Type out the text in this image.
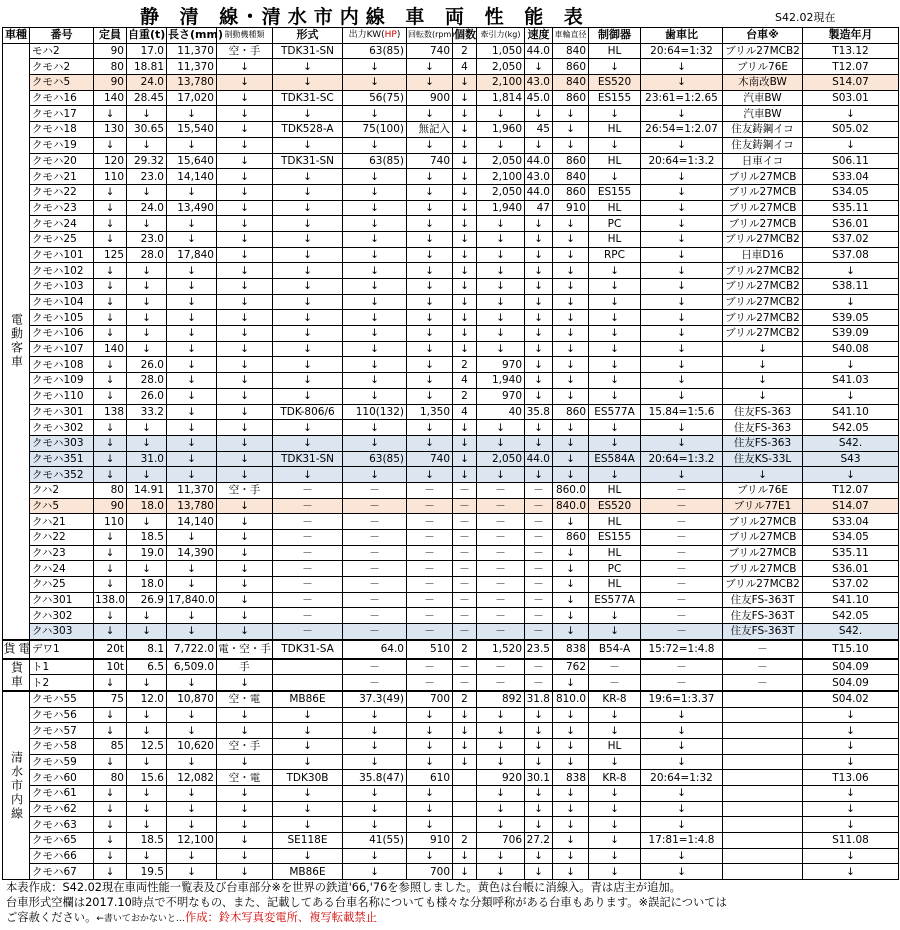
静 清 線･清水市内線 車 両 性 能 表	S42.02現在
車種	番号	定員	自重(t)	長さ(mm)	制動機種類	形式	出力KW(HP)	回転数(rpm)	個数	牽引力(kg)	速度	車輪直径	制御器	歯車比	台車※	製造年月
電動客車	モハ2	90	17.0	11,370	空・手	TDK31-SN	63(85)	740	2	1,050	44.0	840	HL	20:64=1:32	ブリル27MCB2	T13.12
	クモハ2	80	18.81	11,370	↓	↓	↓	↓	4	2,050	↓	860	↓	↓	ブリル76E	T12.07
	クモハ5	90	24.0	13,780	↓	↓	↓	↓	↓	2,100	43.0	840	ES520	↓	木南改BW	S14.07
	クモハ16	140	28.45	17,020	↓	TDK31-SC	56(75)	900	↓	1,814	45.0	860	ES155	23:61=1:2.65	汽車BW	S03.01
	クモハ17	↓	↓	↓	↓	↓	↓	↓	↓	↓	↓	↓	↓	↓	汽車BW	↓
	クモハ18	130	30.65	15,540	↓	TDK528-A	75(100)	無記入	↓	1,960	45	↓	HL	26:54=1:2.07	住友鋳鋼イコ	S05.02
	クモハ19	↓	↓	↓	↓	↓	↓	↓	↓	↓	↓	↓	↓	↓	住友鋳鋼イコ	↓
	クモハ20	120	29.32	15,640	↓	TDK31-SN	63(85)	740	↓	2,050	44.0	860	HL	20:64=1:3.2	日車イコ	S06.11
	クモハ21	110	23.0	14,140	↓	↓	↓	↓	↓	2,100	43.0	840	↓	↓	ブリル27MCB	S33.04
	クモハ22	↓	↓	↓	↓	↓	↓	↓	↓	2,050	44.0	860	ES155	↓	ブリル27MCB	S34.05
	クモハ23	↓	24.0	13,490	↓	↓	↓	↓	↓	1,940	47	910	HL	↓	ブリル27MCB	S35.11
	クモハ24	↓	↓	↓	↓	↓	↓	↓	↓	↓	↓	↓	PC	↓	ブリル27MCB	S36.01
	クモハ25	↓	23.0	↓	↓	↓	↓	↓	↓	↓	↓	↓	HL	↓	ブリル27MCB2	S37.02
	クモハ101	125	28.0	17,840	↓	↓	↓	↓	↓	↓	↓	↓	RPC	↓	日車D16	S37.08
	クモハ102	↓	↓	↓	↓	↓	↓	↓	↓	↓	↓	↓	↓	↓	ブリル27MCB2	↓
	クモハ103	↓	↓	↓	↓	↓	↓	↓	↓	↓	↓	↓	↓	↓	ブリル27MCB2	S38.11
	クモハ104	↓	↓	↓	↓	↓	↓	↓	↓	↓	↓	↓	↓	↓	ブリル27MCB2	↓
	クモハ105	↓	↓	↓	↓	↓	↓	↓	↓	↓	↓	↓	↓	↓	ブリル27MCB2	S39.05
	クモハ106	↓	↓	↓	↓	↓	↓	↓	↓	↓	↓	↓	↓	↓	ブリル27MCB2	S39.09
	クモハ107	140	↓	↓	↓	↓	↓	↓	↓	↓	↓	↓	↓	↓	↓	S40.08
	クモハ108	↓	26.0	↓	↓	↓	↓	↓	2	970	↓	↓	↓	↓	↓	↓
	クモハ109	↓	28.0	↓	↓	↓	↓	↓	4	1,940	↓	↓	↓	↓	↓	S41.03
	クモハ110	↓	26.0	↓	↓	↓	↓	↓	2	970	↓	↓	↓	↓	↓	↓
	クモハ301	138	33.2	↓	↓	TDK-806/6	110(132)	1,350	4	40	35.8	860	ES577A	15.84=1:5.6	住友FS-363	S41.10
	クモハ302	↓	↓	↓	↓	↓	↓	↓	↓	↓	↓	↓	↓	↓	住友FS-363	S42.05
	クモハ303	↓	↓	↓	↓	↓	↓	↓	↓	↓	↓	↓	↓	↓	住友FS-363	S42.
	クモハ351	↓	31.0	↓	↓	TDK31-SN	63(85)	740	↓	2,050	44.0	↓	ES584A	20:64=1:3.2	住友KS-33L	S43
	クモハ352	↓	↓	↓	↓	↓	↓	↓	↓	↓	↓	↓	↓	↓	↓	↓
	クハ2	80	14.91	11,370	空・手	－	－	－	－	－	－	860.0	HL	－	ブリル76E	T12.07
	クハ5	90	18.0	13,780	↓	－	－	－	－	－	－	840.0	ES520	－	ブリル77E1	S14.07
	クハ21	110	↓	14,140	↓	－	－	－	－	－	－	↓	HL	－	ブリル27MCB	S33.04
	クハ22	↓	18.5	↓	↓	－	－	－	－	－	－	860	ES155	－	ブリル27MCB	S34.05
	クハ23	↓	19.0	14,390	↓	－	－	－	－	－	－	↓	HL	－	ブリル27MCB	S35.11
	クハ24	↓	↓	↓	↓	－	－	－	－	－	－	↓	PC	－	ブリル27MCB	S36.01
	クハ25	↓	18.0	↓	↓	－	－	－	－	－	－	↓	HL	－	ブリル27MCB2	S37.02
	クハ301	138.0	26.9	17,840.0	↓	－	－	－	－	－	－	↓	ES577A	－	住友FS-363T	S41.10
	クハ302	↓	↓	↓	↓	－	－	－	－	－	－	↓	↓	－	住友FS-363T	S42.05
	クハ303	↓	↓	↓	↓	－	－	－	－	－	－	↓	↓	－	住友FS-363T	S42.
電貨	デワ1	20t	8.1	7,722.0	電・空・手	TDK31-SA	64.0	510	2	1,520	23.5	838	B54-A	15:72=1:4.8	－	T15.10
貨車	ト1	10t	6.5	6,509.0	手		－	－	－	－	－	762	－	－	－	S04.09
	ト2	↓	↓	↓	↓		－	－	－	－	－	↓	－	－	－	S04.09
清水市内線	クモハ55	75	12.0	10,870	空・電	MB86E	37.3(49)	700	2	892	31.8	810.0	KR-8	19:6=1:3.37		S04.02
	クモハ56	↓	↓	↓	↓	↓	↓	↓	↓	↓	↓	↓	↓	↓		↓
	クモハ57	↓	↓	↓	↓	↓	↓	↓	↓	↓	↓	↓	↓	↓		↓
	クモハ58	85	12.5	10,620	空・手	↓	↓	↓	↓	↓	↓	↓	HL	↓		↓
	クモハ59	↓	↓	↓	↓	↓	↓	↓	↓	↓	↓	↓	↓	↓		↓
	クモハ60	80	15.6	12,082	空・電	TDK30B	35.8(47)	610		920	30.1	838	KR-8	20:64=1:32		T13.06
	クモハ61	↓	↓	↓	↓	↓	↓	↓		↓	↓	↓	↓	↓		↓
	クモハ62	↓	↓	↓	↓	↓	↓	↓		↓	↓	↓	↓	↓		↓
	クモハ63	↓	↓	↓	↓	↓	↓	↓		↓	↓	↓	↓	↓		↓
	クモハ65	↓	18.5	12,100	↓	SE118E	41(55)	910	2	706	27.2	↓	↓	17:81=1:4.8		S11.08
	クモハ66	↓	↓	↓	↓	↓	↓	↓	↓	↓	↓	↓	↓	↓		↓
	クモハ67	↓	19.5	↓	↓	MB86E	↓	700	↓	↓	↓	↓	↓	↓		↓
本表作成：S42.02現在車両性能一覧表及び台車部分※を世界の鉄道'66,'76を参照しました。黄色は台帳に消線入。青は店主が追加。
台車形式空欄は2017.10時点で不明なもの、また、記載してある台車名称についても様々な分類呼称がある台車もあります。※誤記については
ご容赦ください。←書いておかないと…作成：鈴木写真変電所、複写転載禁止
